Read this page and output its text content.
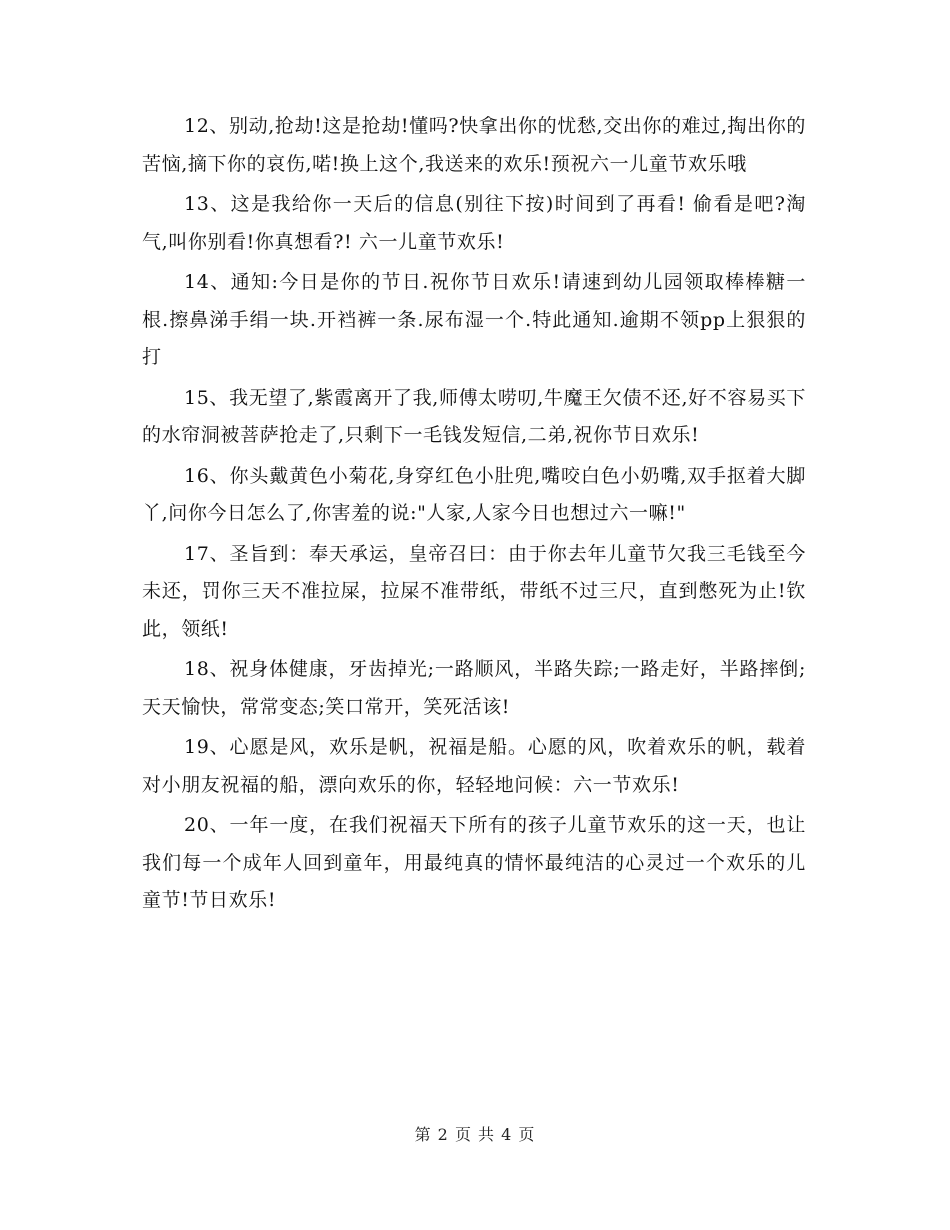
12、别动,抢劫!这是抢劫!懂吗?快拿出你的忧愁,交出你的难过,掏出你的苦恼,摘下你的哀伤,喏!换上这个,我送来的欢乐!预祝六一儿童节欢乐哦

13、这是我给你一天后的信息(别往下按)时间到了再看! 偷看是吧?淘气,叫你别看!你真想看?! 六一儿童节欢乐!

14、通知:今日是你的节日.祝你节日欢乐!请速到幼儿园领取棒棒糖一根.擦鼻涕手绢一块.开裆裤一条.尿布湿一个.特此通知.逾期不领pp上狠狠的打

15、我无望了,紫霞离开了我,师傅太唠叨,牛魔王欠债不还,好不容易买下的水帘洞被菩萨抢走了,只剩下一毛钱发短信,二弟,祝你节日欢乐!

16、你头戴黄色小菊花,身穿红色小肚兜,嘴咬白色小奶嘴,双手抠着大脚丫,问你今日怎么了,你害羞的说:"人家,人家今日也想过六一嘛!"

17、圣旨到：奉天承运，皇帝召曰：由于你去年儿童节欠我三毛钱至今未还，罚你三天不准拉屎，拉屎不准带纸，带纸不过三尺，直到憋死为止!钦此，领纸!

18、祝身体健康，牙齿掉光;一路顺风，半路失踪;一路走好，半路摔倒;天天愉快，常常变态;笑口常开，笑死活该!

19、心愿是风，欢乐是帆，祝福是船。心愿的风，吹着欢乐的帆，载着对小朋友祝福的船，漂向欢乐的你，轻轻地问候：六一节欢乐!

20、一年一度，在我们祝福天下所有的孩子儿童节欢乐的这一天，也让我们每一个成年人回到童年，用最纯真的情怀最纯洁的心灵过一个欢乐的儿童节!节日欢乐!

第 2 页 共 4 页
